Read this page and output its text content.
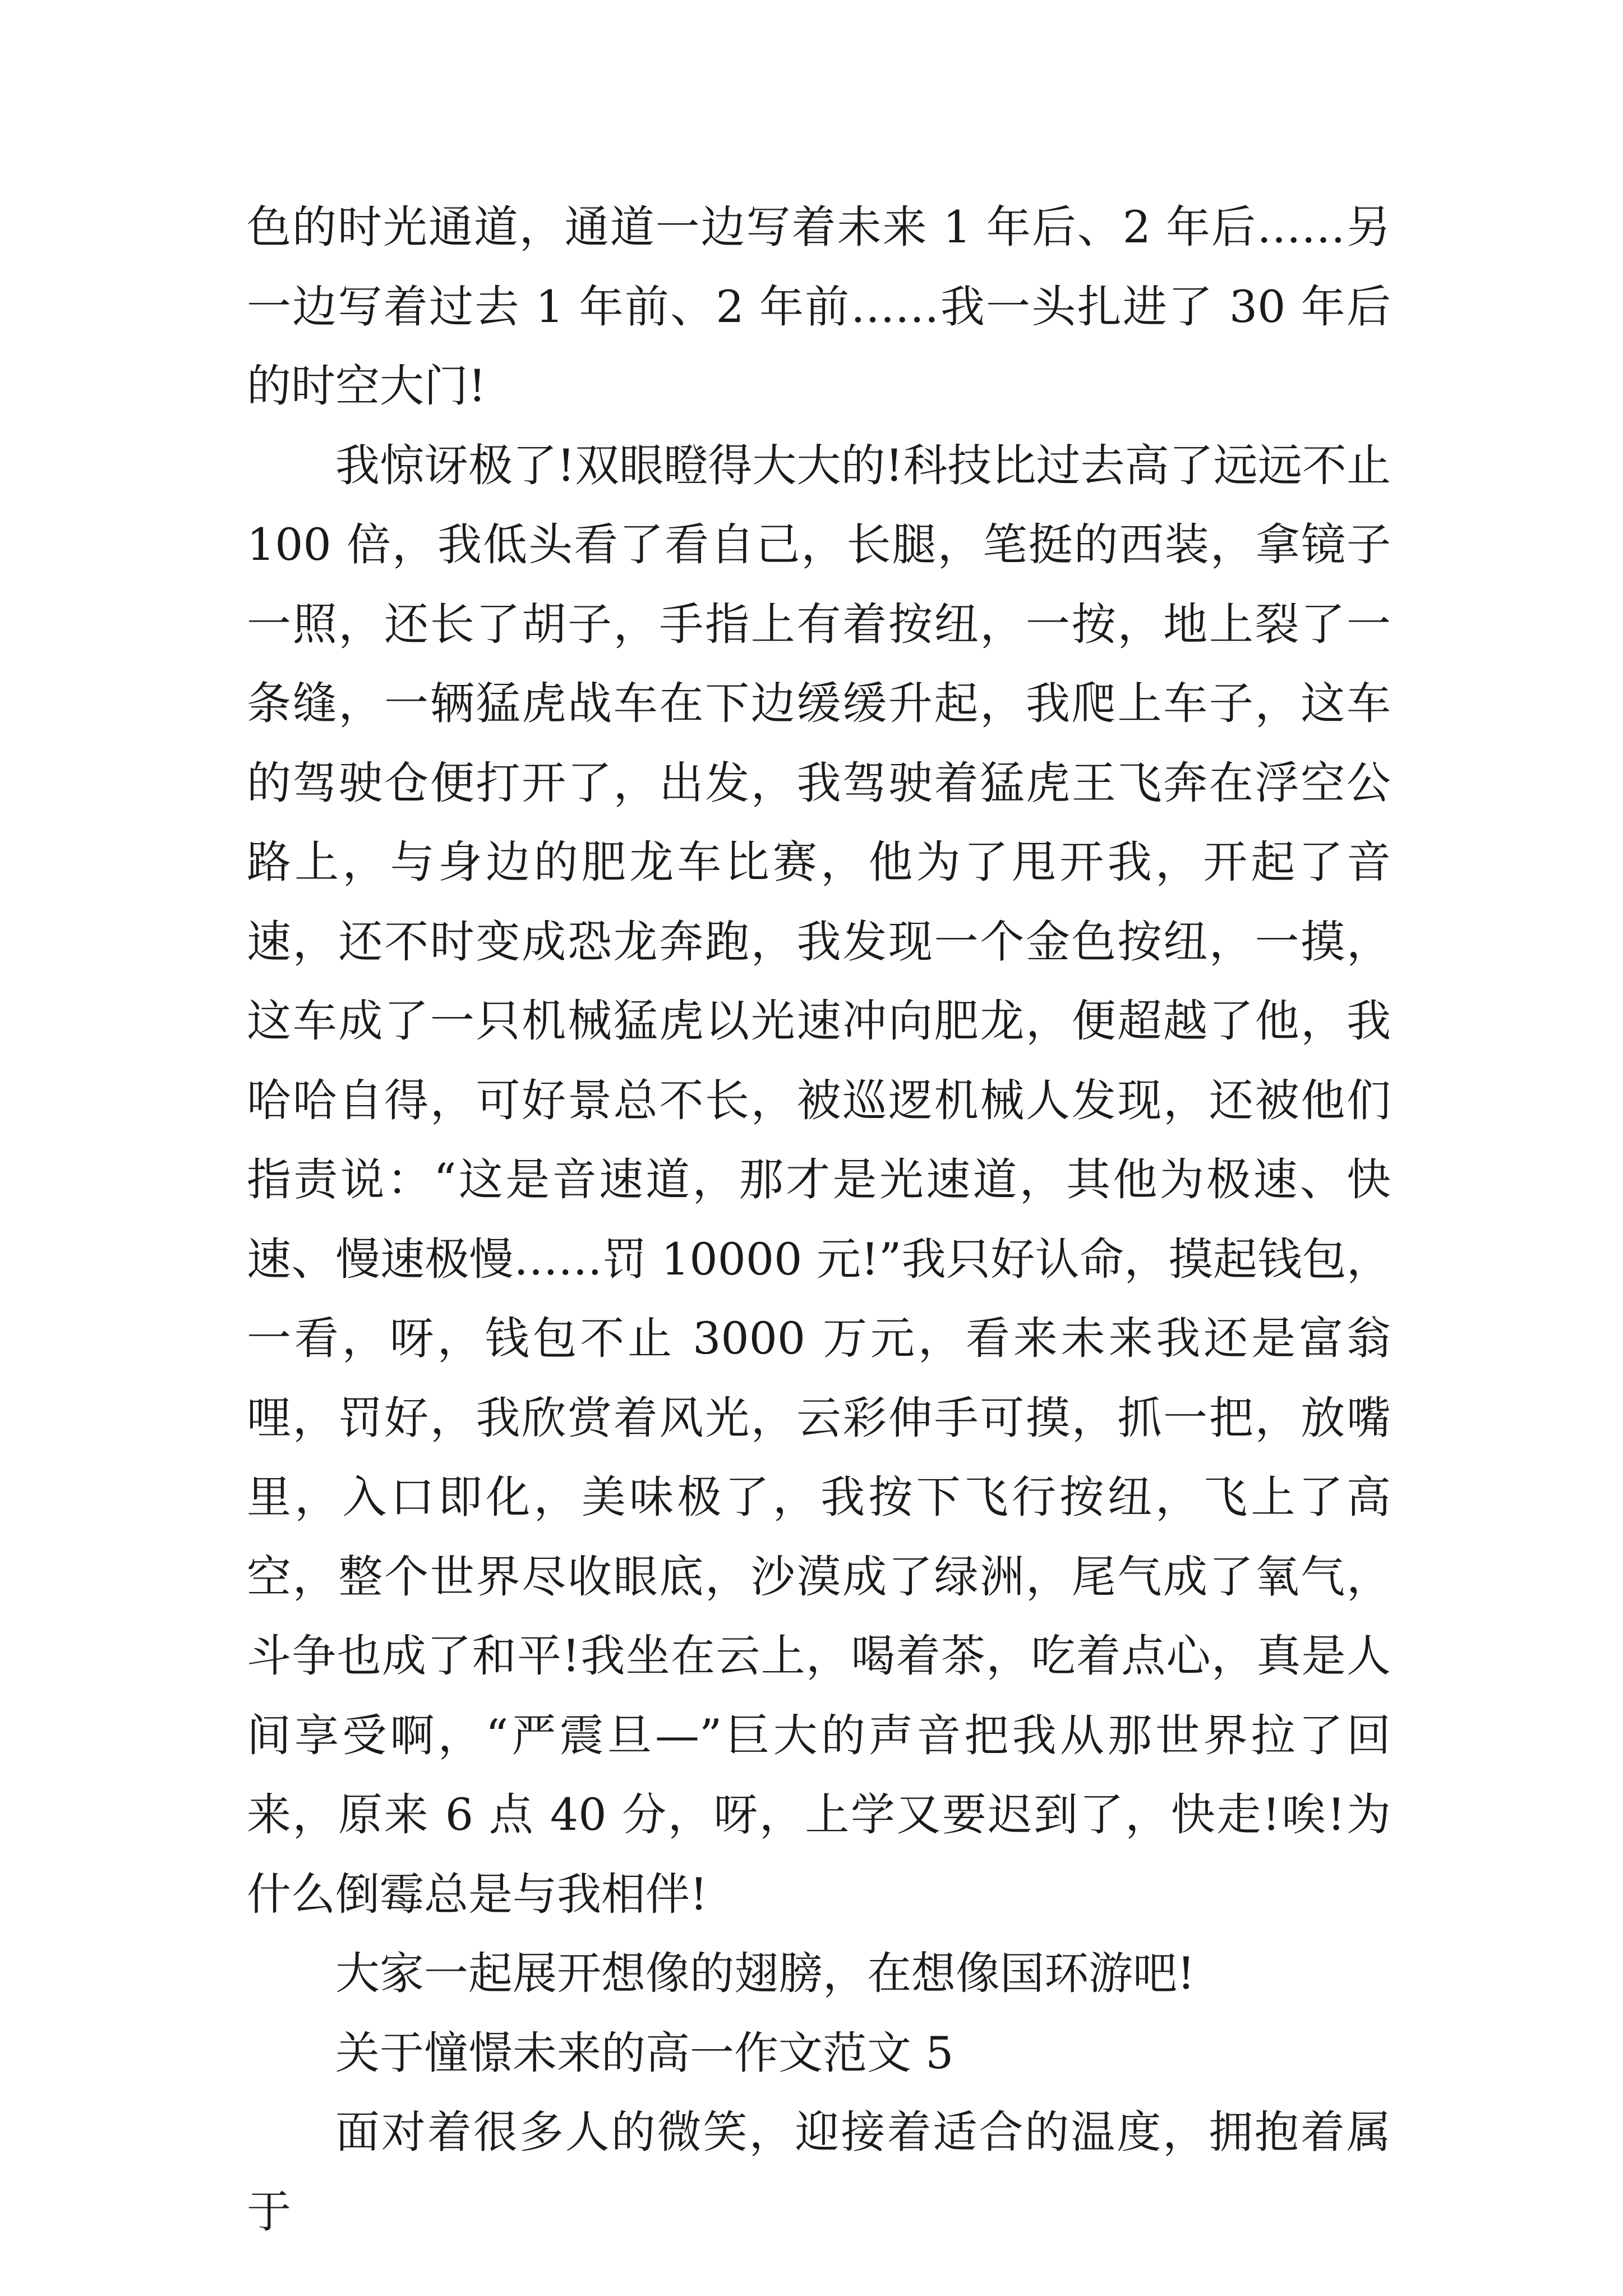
色的时光通道，通道一边写着未来 1 年后、2 年后……另一边写着过去 1 年前、2 年前……我一头扎进了 30 年后的时空大门!

我惊讶极了!双眼瞪得大大的!科技比过去高了远远不止 100 倍，我低头看了看自己，长腿，笔挺的西装，拿镜子一照，还长了胡子，手指上有着按纽，一按，地上裂了一条缝，一辆猛虎战车在下边缓缓升起，我爬上车子，这车的驾驶仓便打开了，出发，我驾驶着猛虎王飞奔在浮空公路上，与身边的肥龙车比赛，他为了甩开我，开起了音速，还不时变成恐龙奔跑，我发现一个金色按纽，一摸，这车成了一只机械猛虎以光速冲向肥龙，便超越了他，我哈哈自得，可好景总不长，被巡逻机械人发现，还被他们指责说：“这是音速道，那才是光速道，其他为极速、快速、慢速极慢……罚 10000 元!”我只好认命，摸起钱包，一看，呀，钱包不止 3000 万元，看来未来我还是富翁哩，罚好，我欣赏着风光，云彩伸手可摸，抓一把，放嘴里，入口即化，美味极了，我按下飞行按纽，飞上了高空，整个世界尽收眼底，沙漠成了绿洲，尾气成了氧气，斗争也成了和平!我坐在云上，喝着茶，吃着点心，真是人间享受啊，“严震旦—”巨大的声音把我从那世界拉了回来，原来 6 点 40 分，呀，上学又要迟到了，快走!唉!为什么倒霉总是与我相伴!

大家一起展开想像的翅膀，在想像国环游吧!

关于憧憬未来的高一作文范文 5

面对着很多人的微笑，迎接着适合的温度，拥抱着属于
